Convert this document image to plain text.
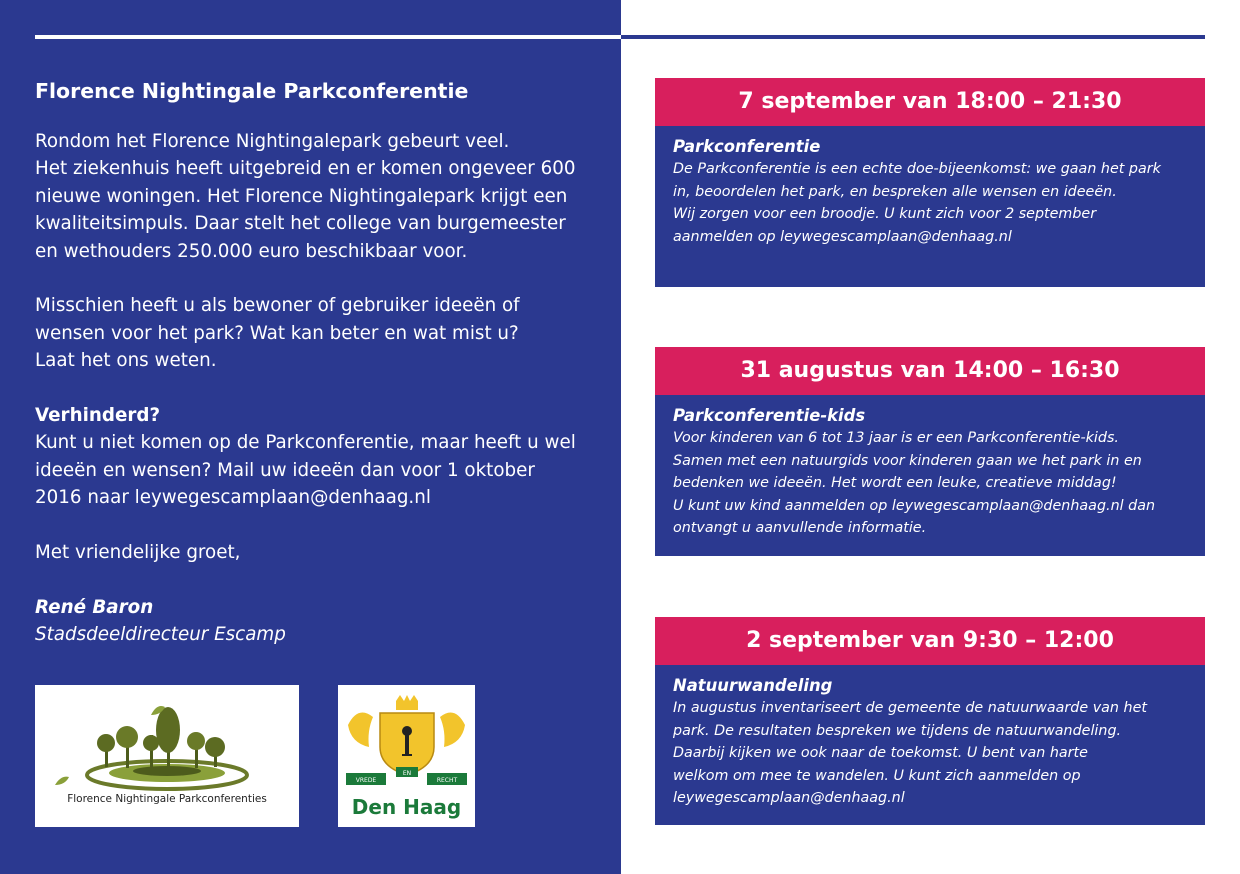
Florence Nightingale Parkconferentie
Rondom het Florence Nightingalepark gebeurt veel.
Het ziekenhuis heeft uitgebreid en er komen ongeveer 600
nieuwe woningen. Het Florence Nightingalepark krijgt een
kwaliteitsimpuls. Daar stelt het college van burgemeester
en wethouders 250.000 euro beschikbaar voor.
Misschien heeft u als bewoner of gebruiker ideeën of
wensen voor het park? Wat kan beter en wat mist u?
Laat het ons weten.
Verhinderd?
Kunt u niet komen op de Parkconferentie, maar heeft u wel
ideeën en wensen? Mail uw ideeën dan voor 1 oktober
2016 naar leywegescamplaan@denhaag.nl
Met vriendelijke groet,
René Baron
Stadsdeeldirecteur Escamp
Florence Nightingale Parkconferenties
VREDE
EN
RECHT
Den Haag
7 september van 18:00 – 21:30
Parkconferentie
De Parkconferentie is een echte doe-bijeenkomst: we gaan het park
in, beoordelen het park, en bespreken alle wensen en ideeën.
Wij zorgen voor een broodje. U kunt zich voor 2 september
aanmelden op leywegescamplaan@denhaag.nl
31 augustus van 14:00 – 16:30
Parkconferentie-kids
Voor kinderen van 6 tot 13 jaar is er een Parkconferentie-kids.
Samen met een natuurgids voor kinderen gaan we het park in en
bedenken we ideeën. Het wordt een leuke, creatieve middag!
U kunt uw kind aanmelden op leywegescamplaan@denhaag.nl dan
ontvangt u aanvullende informatie.
2 september van 9:30 – 12:00
Natuurwandeling
In augustus inventariseert de gemeente de natuurwaarde van het
park. De resultaten bespreken we tijdens de natuurwandeling.
Daarbij kijken we ook naar de toekomst. U bent van harte
welkom om mee te wandelen. U kunt zich aanmelden op
leywegescamplaan@denhaag.nl
